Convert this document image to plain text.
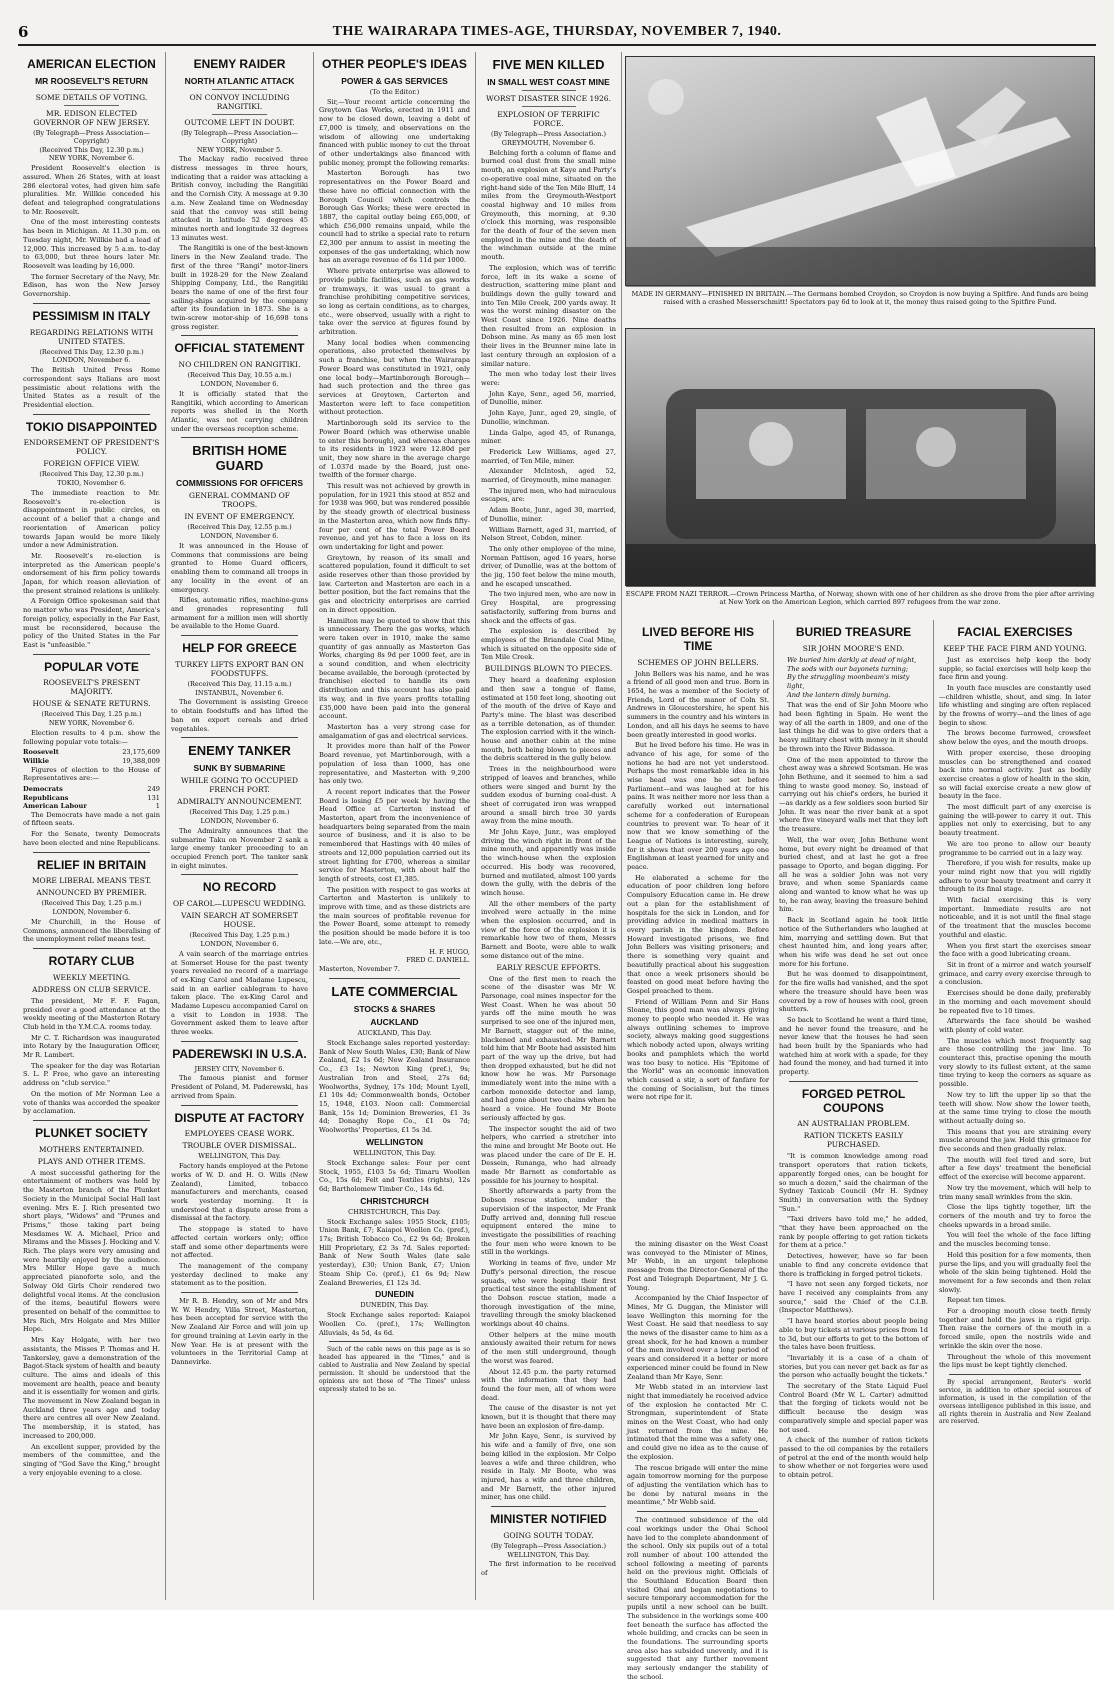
6	THE WAIRARAPA TIMES-AGE, THURSDAY, NOVEMBER 7, 1940.
AMERICAN ELECTION
MR ROOSEVELT'S RETURN
SOME DETAILS OF VOTING.
MR. EDISON ELECTED GOVERNOR OF NEW JERSEY.
(By Telegraph—Press Association—Copyright)
(Received This Day, 12.30 p.m.)
NEW YORK, November 6.

President Roosevelt's election is assured. When 26 States, with at least 286 electoral votes, had given him safe pluralities. Mr. Willkie conceded his defeat and telegraphed congratulations to Mr. Roosevelt.

One of the most interesting contests has been in Michigan. At 11.30 p.m. on Tuesday night, Mr. Willkie had a lead of 12,000. This increased by 5 a.m. to-day to 63,000, but three hours later Mr. Roosevelt was leading by 16,000.

The former Secretary of the Navy, Mr. Edison, has won the New Jersey Governorship.

PESSIMISM IN ITALY
REGARDING RELATIONS WITH UNITED STATES.
(Received This Day, 12.30 p.m.)
LONDON, November 6.

The British United Press Rome correspondent says Italians are most pessimistic about relations with the United States as a result of the Presidential election.

TOKIO DISAPPOINTED
ENDORSEMENT OF PRESIDENT'S POLICY.
FOREIGN OFFICE VIEW.
(Received This Day, 12.30 p.m.)
TOKIO, November 6.

The immediate reaction to Mr. Roosevelt's re-election is disappointment in public circles, on account of a belief that a change and reorientation of American policy towards Japan would be more likely under a new Administration.

Mr. Roosevelt's re-election is interpreted as the American people's endorsement of his firm policy towards Japan, for which reason alleviation of the present strained relations is unlikely.

A Foreign Office spokesman said that no matter who was President, America's foreign policy, especially in the Far East, must be reconsidered, because the policy of the United States in the Far East is "unfeasible."

POPULAR VOTE
ROOSEVELT'S PRESENT MAJORITY.
HOUSE & SENATE RETURNS.
(Received This Day, 1.25 p.m.)
NEW YORK, November 6.

Election results to 4 p.m. show the following popular vote totals:—

Roosevelt	23,175,609
Willkie	19,388,009

Figures of election to the House of Representatives are:—

Democrats	249
Republicans	131
American Labour	1

The Democrats have made a net gain of fifteen seats.

For the Senate, twenty Democrats have been elected and nine Republicans.

RELIEF IN BRITAIN
MORE LIBERAL MEANS TEST.
ANNOUNCED BY PREMIER.
(Received This Day, 1.25 p.m.)
LONDON, November 6.

Mr Churchill, in the House of Commons, announced the liberalising of the unemployment relief means test.

ROTARY CLUB
WEEKLY MEETING.
ADDRESS ON CLUB SERVICE.

The president, Mr F. F. Fagan, presided over a good attendance at the weekly meeting of the Masterton Rotary Club held in the Y.M.C.A. rooms today.

Mr C. T. Richardson was inaugurated into Rotary by the Inauguration Officer, Mr R. Lambert.

The speaker for the day was Rotarian S. L. P. Free, who gave an interesting address on "club service."

On the motion of Mr Norman Lee a vote of thanks was accorded the speaker by acclamation.

PLUNKET SOCIETY
MOTHERS ENTERTAINED.
PLAYS AND OTHER ITEMS.

A most successful gathering for the entertainment of mothers was held by the Masterton branch of the Plunket Society in the Municipal Social Hall last evening. Mrs E. J. Rich presented two short plays, "Widows" and "Prunes and Prisms," those taking part being Mesdames W. A. Michael, Price and Mirams and the Misses J. Hocking and V. Rich. The plays were very amusing and were heartily enjoyed by the audience. Mrs Miller Hope gave a much appreciated pianoforte solo, and the Solway Old Girls Choir rendered two delightful vocal items. At the conclusion of the items, beautiful flowers were presented on behalf of the committee to Mrs Rich, Mrs Holgate and Mrs Miller Hope.

Mrs Kay Holgate, with her two assistants, the Misses P. Thomas and H. Tankersley, gave a demonstration of the Bagot-Stack system of health and beauty culture. The aims and ideals of this movement are health, peace and beauty and it is essentially for women and girls. The movement in New Zealand began in Auckland three years ago and today there are centres all over New Zealand. The membership, it is stated, has increased to 200,000.

An excellent supper, provided by the members of the committee, and the singing of "God Save the King," brought a very enjoyable evening to a close.

ENEMY RAIDER
NORTH ATLANTIC ATTACK
ON CONVOY INCLUDING RANGITIKI.
OUTCOME LEFT IN DOUBT.
(By Telegraph—Press Association—Copyright)
NEW YORK, November 5.

The Mackay radio received three distress messages in three hours, indicating that a raider was attacking a British convoy, including the Rangitiki and the Cornish City. A message at 9.30 a.m. New Zealand time on Wednesday said that the convoy was still being attacked in latitude 52 degrees 45 minutes north and longitude 32 degrees 13 minutes west.

The Rangitiki is one of the best-known liners in the New Zealand trade. The first of the three "Rangi" motor-liners built in 1928-29 for the New Zealand Shipping Company, Ltd., the Rangitiki bears the name of one of the first four sailing-ships acquired by the company after its foundation in 1873. She is a twin-screw motor-ship of 16,698 tons gross register.

OFFICIAL STATEMENT
NO CHILDREN ON RANGITIKI.
(Received This Day, 10.55 a.m.)
LONDON, November 6.

It is officially stated that the Rangitiki, which according to American reports was shelled in the North Atlantic, was not carrying children under the overseas reception scheme.

BRITISH HOME GUARD
COMMISSIONS FOR OFFICERS
GENERAL COMMAND OF TROOPS.
IN EVENT OF EMERGENCY.
(Received This Day, 12.55 p.m.)
LONDON, November 6.

It was announced in the House of Commons that commissions are being granted to Home Guard officers, enabling them to command all troops in any locality in the event of an emergency.

Rifles, automatic rifles, machine-guns and grenades representing full armament for a million men will shortly be available to the Home Guard.

HELP FOR GREECE
TURKEY LIFTS EXPORT BAN ON FOODSTUFFS.
(Received This Day, 11.15 a.m.)
INSTANBUL, November 6.

The Government is assisting Greece to obtain foodstuffs and has lifted the ban on export cereals and dried vegetables.

ENEMY TANKER
SUNK BY SUBMARINE
WHILE GOING TO OCCUPIED FRENCH PORT.
ADMIRALTY ANNOUNCEMENT.
(Received This Day, 1.25 p.m.)
LONDON, November 6.

The Admiralty announces that the submarine Taku on November 2 sank a large enemy tanker proceeding to an occupied French port. The tanker sank in eight minutes.

NO RECORD
OF CAROL—LUPESCU WEDDING.
VAIN SEARCH AT SOMERSET HOUSE.
(Received This Day, 1.25 p.m.)
LONDON, November 6.

A vain search of the marriage entries at Somerset House for the past twenty years revealed no record of a marriage of ex-King Carol and Madame Lupescu, said in an earlier cablegram to have taken place. The ex-King Carol and Madame Lupescu accompanied Carol on a visit to London in 1938. The Government asked them to leave after three weeks.

PADEREWSKI IN U.S.A.
JERSEY CITY, November 6.

The famous pianist and former President of Poland, M. Paderewski, has arrived from Spain.

DISPUTE AT FACTORY
EMPLOYEES CEASE WORK.
TROUBLE OVER DISMISSAL.
WELLINGTON, This Day.

Factory hands employed at the Petone works of W. D. and H. O. Wills (New Zealand), Limited, tobacco manufacturers and merchants, ceased work yesterday morning. It is understood that a dispute arose from a dismissal at the factory.

The stoppage is stated to have affected certain workers only; office staff and some other departments were not affected.

The management of the company yesterday declined to make any statement as to the position.

Mr R. B. Hendry, son of Mr and Mrs W. W. Hendry, Villa Street, Masterton, has been accepted for service with the New Zealand Air Force and will join up for ground training at Levin early in the New Year. He is at present with the volunteers in the Territorial Camp at Dannevirke.

OTHER PEOPLE'S IDEAS
POWER & GAS SERVICES
(To the Editor.)

Sir,—Your recent article concerning the Greytown Gas Works, erected in 1911 and now to be closed down, leaving a debt of £7,000 is timely, and observations on the wisdom of allowing one undertaking financed with public money to cut the throat of other undertakings also financed with public money, prompt the following remarks:

Masterton Borough has two representatives on the Power Board and these have no official connection with the Borough Council which controls the Borough Gas Works; these were erected in 1887, the capital outlay being £65,000, of which £56,000 remains unpaid, while the council had to strike a special rate to return £2,300 per annum to assist in meeting the expenses of the gas undertaking, which now has an average revenue of 6s 11d per 1000.

Where private enterprise was allowed to provide public facilities, such as gas works or tramways, it was usual to grant a franchise prohibiting competitive services, so long as certain conditions, as to charges, etc., were observed, usually with a right to take over the service at figures found by arbitration.

Many local bodies when commencing operations, also protected themselves by such a franchise, but when the Wairarapa Power Board was constituted in 1921, only one local body—Martinborough Borough—had such protection and the three gas services at Greytown, Carterton and Masterton were left to face competition without protection.

Martinborough sold its service to the Power Board (which was otherwise unable to enter this borough), and whereas charges to its residents in 1923 were 12.80d per unit, they now share in the average charge of 1.037d made by the Board, just one-twelfth of the former charge.

This result was not achieved by growth in population, for in 1921 this stood at 852 and for 1938 was 960, but was rendered possible by the steady growth of electrical business in the Masterton area, which now finds fifty-four per cent of the total Power Board revenue, and yet has to face a loss on its own undertaking for light and power.

Greytown, by reason of its small and scattered population, found it difficult to set aside reserves other than those provided by law. Carterton and Masterton are each in a better position, but the fact remains that the gas and electricity enterprises are carried on in direct opposition.

Hamilton may be quoted to show that this is unnecessary. There the gas works, which were taken over in 1910, make the same quantity of gas annually as Masterton Gas Works, charging 8s 9d per 1000 feet, are in a sound condition, and when electricity became available, the borough (protected by franchise) elected to handle its own distribution and this account has also paid its way, and in five years profits totalling £35,000 have been paid into the general account.

Masterton has a very strong case for amalgamation of gas and electrical services.

It provides more than half of the Power Board revenue, yet Martinborough, with a population of less than 1000, has one representative, and Masterton with 9,200 has only two.

A recent report indicates that the Power Board is losing £5 per week by having the Head Office at Carterton instead of Masterton, apart from the inconvenience of headquarters being separated from the main source of business, and it is also to be remembered that Hastings with 40 miles of streets and 12,000 population carried out its street lighting for £700, whereas a similar service for Masterton, with about half the length of streets, cost £1,385.

The position with respect to gas works at Carterton and Masterton is unlikely to improve with time, and as these districts are the main sources of profitable revenue for the Power Board, some attempt to remedy the position should be made before it is too late.—We are, etc.,

H. F. HUGO,
FRED C. DANIELL.
Masterton, November 7.
LATE COMMERCIAL
STOCKS & SHARES
AUCKLAND
AUCKLAND, This Day.

Stock Exchange sales reported yesterday: Bank of New South Wales, £30; Bank of New Zealand, £2 1s 6d; New Zealand Insurance Co., £3 1s; Newton King (pref.), 9s; Australian Iron and Steel, 27s 6d; Woolworths, Sydney, 17s 10d; Mount Lyell, £1 10s 4d; Commonwealth bonds, October 15, 1948, £103. Noon call: Commercial Bank, 15s 1d; Dominion Breweries, £1 3s 4d; Donaghy Rope Co., £1 0s 7d; Woolworths' Properties, £1 5s 3d.

WELLINGTON
WELLINGTON, This Day.

Stock Exchange sales: Four per cent Stock, 1955, £103 5s 6d; Timaru Woollen Co., 15s 6d; Felt and Textiles (rights), 12s 6d; Bartholomew Timber Co., 14s 6d.

CHRISTCHURCH
CHRISTCHURCH, This Day.

Stock Exchange sales: 1955 Stock, £105; Union Bank, £7; Kaiapoi Woollen Co. (pref.), 17s; British Tobacco Co., £2 9s 6d; Broken Hill Proprietary, £2 3s 7d. Sales reported: Bank of New South Wales (late sale yesterday), £30; Union Bank, £7; Union Steam Ship Co. (pref.), £1 6s 9d; New Zealand Breweries, £1 12s 3d.

DUNEDIN
DUNEDIN, This Day.

Stock Exchange sales reported: Kaiapoi Woollen Co. (pref.), 17s; Wellington Alluvials, 4s 5d, 4s 6d.

Such of the cable news on this page as is so headed has appeared in the "Times," and is cabled to Australia and New Zealand by special permission. It should be understood that the opinions are not those of "The Times" unless expressly stated to be so.

FIVE MEN KILLED
IN SMALL WEST COAST MINE
WORST DISASTER SINCE 1926.
EXPLOSION OF TERRIFIC FORCE.
(By Telegraph—Press Association.)
GREYMOUTH, November 6.

Belching forth a column of flame and burned coal dust from the small mine mouth, an explosion at Kaye and Party's co-operative coal mine, situated on the right-hand side of the Ten Mile Bluff, 14 miles from the Greymouth-Westport coastal highway and 10 miles from Greymouth, this morning, at 9.30 o'clock this morning, was responsible for the death of four of the seven men employed in the mine and the death of the winchman outside at the mine mouth.

The explosion, which was of terrific force, left in its wake a scene of destruction, scattering mine plant and buildings down the gully toward and into Ten Mile Creek, 200 yards away. It was the worst mining disaster on the West Coast since 1926. Nine deaths then resulted from an explosion in Dobson mine. As many as 65 men lost their lives in the Brunner mine late in last century through an explosion of a similar nature.

The men who today lost their lives were:

John Kaye, Senr., aged 56, married, of Dunollie, miner.

John Kaye, Junr., aged 29, single, of Dunollie, winchman.

Linda Galpo, aged 45, of Runanga, miner.

Frederick Lew Williams, aged 27, married, of Ten Mile, miner.

Alexander McIntosh, aged 52, married, of Greymouth, mine manager.

The injured men, who had miraculous escapes, are:

Adam Boote, Junr., aged 30, married, of Dunollie, miner.

William Barnett, aged 31, married, of Nelson Street, Cobden, miner.

The only other employee of the mine, Norman Pattison, aged 16 years, horse driver, of Dunollie, was at the bottom of the jig, 150 feet below the mine mouth, and he escaped unscathed.

The two injured men, who are now in Grey Hospital, are progressing satisfactorily, suffering from burns and shock and the effects of gas.

The explosion is described by employees of the Briandale Coal Mine, which is situated on the opposite side of Ten Mile Creek.

BUILDINGS BLOWN TO PIECES.

They heard a deafening explosion and then saw a tongue of flame, estimated at 150 feet long, shooting out of the mouth of the drive of Kaye and Party's mine. The blast was described as a terrible detonation, as of thunder. The explosion carried with it the winch-house and another cabin at the mine mouth, both being blown to pieces and the debris scattered in the gully below.

Trees in the neighbourhood were stripped of leaves and branches, while others were singed and burnt by the sudden exodus of burning coal-dust. A sheet of corrugated iron was wrapped around a small birch tree 30 yards away from the mine mouth.

Mr John Kaye, Junr., was employed driving the winch right in front of the mine mouth, and apparently was inside the winch-house when the explosion occurred. His body was recovered, burned and mutilated, almost 100 yards down the gully, with the debris of the winch house.

All the other members of the party involved were actually in the mine when the explosion occurred, and in view of the force of the explosion it is remarkable how two of them, Messrs Barnett and Boote, were able to walk some distance out of the mine.

EARLY RESCUE EFFORTS.

One of the first men to reach the scene of the disaster was Mr W. Parsonage, coal mines inspector for the West Coast. When he was about 50 yards off the mine mouth he was surprised to see one of the injured men, Mr Barnett, stagger out of the mine, blackened and exhausted. Mr Barnett told him that Mr Boote had assisted him part of the way up the drive, but had then dropped exhausted, but he did not know how he was. Mr Parsonage immediately went into the mine with a carbon monoxide detector and lamp, and had gone about two chains when he heard a voice. He found Mr Boote seriously affected by gas.

The inspector sought the aid of two helpers, who carried a stretcher into the mine and brought Mr Boote out. He was placed under the care of Dr E. H. Dessein, Runanga, who had already made Mr Barnett as comfortable as possible for his journey to hospital.

Shortly afterwards a party from the Dobson rescue station, under the supervision of the inspector, Mr Frank Duffy arrived and, donning full rescue equipment entered the mine to investigate the possibilities of reaching the four men who were known to be still in the workings.

Working in teams of five, under Mr Duffy's personal direction, the rescue squads, who were hoping their first practical test since the establishment of the Dobson rescue station, made a thorough investigation of the mine, travelling through the smoky blackened workings about 40 chains.

Other helpers at the mine mouth anxiously awaited their return for news of the men still underground, though the worst was feared.

About 12.45 p.m. the party returned with the information that they had found the four men, all of whom were dead.

The cause of the disaster is not yet known, but it is thought that there may have been an explosion of fire-damp.

Mr John Kaye, Senr., is survived by his wife and a family of five, one son being killed in the explosion. Mr Colpo leaves a wife and three children, who reside in Italy. Mr Boote, who was injured, has a wife and three children, and Mr Barnett, the other injured miner, has one child.

MINISTER NOTIFIED
GOING SOUTH TODAY.
(By Telegraph—Press Association.)
WELLINGTON, This Day.

The first information to be received of

MADE IN GERMANY—FINISHED IN BRITAIN.—The Germans bombed Croydon, so Croydon is now buying a Spitfire. And funds are being raised with a crashed Messerschmitt! Spectators pay 6d to look at it, the money thus raised going to the Spitfire Fund.
ESCAPE FROM NAZI TERROR.—Crown Princess Martha, of Norway, shown with one of her children as she drove from the pier after arriving at New York on the American Legion, which carried 897 refugees from the war zone.

the mining disaster on the West Coast was conveyed to the Minister of Mines, Mr Webb, in an urgent telephone message from the Director-General of the Post and Telegraph Department, Mr J. G. Young.

Accompanied by the Chief Inspector of Mines, Mr G. Duggan, the Minister will leave Wellington this morning for the West Coast. He said that needless to say the news of the disaster came to him as a great shock, for he had known a number of the men involved over a long period of years and considered it a better or more experienced miner could be found in New Zealand than Mr Kaye, Senr.

Mr Webb stated in an interview last night that immediately he received advice of the explosion he contacted Mr C. Strongman, superintendent of State mines on the West Coast, who had only just returned from the mine. He intimated that the mine was a safety one, and could give no idea as to the cause of the explosion.

The rescue brigade will enter the mine again tomorrow morning for the purpose of adjusting the ventilation which has to be done by natural means in the meantime," Mr Webb said.

The continued subsidence of the old coal workings under the Ohai School have led to the complete abandonment of the school. Only six pupils out of a total roll number of about 100 attended the school following a meeting of parents held on the previous night. Officials of the Southland Education Board then visited Ohai and began negotiations to secure temporary accommodation for the pupils until a new school can be built. The subsidence in the workings some 400 feet beneath the surface has affected the whole building, and cracks can be seen in the foundations. The surrounding sports area also has subsided unevenly, and it is suggested that any further movement may seriously endanger the stability of the school.

LIVED BEFORE HIS TIME
SCHEMES OF JOHN BELLERS.

John Bellers was his name, and he was a friend of all good men and true. Born in 1654, he was a member of the Society of Friends, Lord of the manor of Coln St. Andrews in Gloucestershire, he spent his summers in the country and his winters in London, and all his days he seems to have been greatly interested in good works.

But he lived before his time. He was in advance of his age, for some of the notions he had are not yet understood. Perhaps the most remarkable idea in his wise head was one he set before Parliament—and was laughed at for his pains. It was neither more nor less than a carefully worked out international scheme for a confederation of European countries to prevent war. To hear of it now that we know something of the League of Nations is interesting, surely, for it shows that over 200 years ago one Englishman at least yearned for unity and peace.

He elaborated a scheme for the education of poor children long before Compulsory Education came in. He drew out a plan for the establishment of hospitals for the sick in London, and for providing advice in medical matters in every parish in the kingdom. Before Howard investigated prisons, we find John Bellers was visiting prisoners; and there is something very quaint and beautifully practical about his suggestion that once a week prisoners should be feasted on good meat before having the Gospel preached to them.

Friend of William Penn and Sir Hans Sloane, this good man was always giving money to people who needed it. He was always outlining schemes to improve society, always making good suggestions which nobody acted upon, always writing books and pamphlets which the world was too busy to notice. His "Epitome of the World" was an economic innovation which caused a stir, a sort of fanfare for the coming of Socialism, but the times were not ripe for it.

BURIED TREASURE
SIR JOHN MOORE'S END.
We buried him darkly at dead of night,
The sods with our bayonets turning;
By the struggling moonbeam's misty light,
And the lantern dimly burning.

That was the end of Sir John Moore who had been fighting in Spain. He went the way of all the earth in 1809, and one of the last things he did was to give orders that a heavy military chest with money in it should be thrown into the River Bidassoa.

One of the men appointed to throw the chest away was a shrewd Scotsman. He was John Bethune, and it seemed to him a sad thing to waste good money. So, instead of carrying out his chief's orders, he buried it—as darkly as a few soldiers soon buried Sir John. It was near the river bank at a spot where five vineyard walls met that they left the treasure.

Well, the war over, John Bethune went home, but every night he dreamed of that buried chest, and at last he got a free passage to Oporto, and began digging. For all he was a soldier John was not very brave, and when some Spaniards came along and wanted to know what he was up to, he ran away, leaving the treasure behind him.

Back in Scotland again he took little notice of the Sutherlanders who laughed at him, marrying and settling down. But that chest haunted him, and long years after, when his wife was dead he set out once more for his fortune.

But he was doomed to disappointment, for the fire walls had vanished, and the spot where the treasure should have been was covered by a row of houses with cool, green shutters.

So back to Scotland he went a third time, and he never found the treasure, and he never knew that the houses he had seen had been built by the Spaniards who had watched him at work with a spade, for they had found the money, and had turned it into property.

FORGED PETROL COUPONS
AN AUSTRALIAN PROBLEM.
RATION TICKETS EASILY PURCHASED.

"It is common knowledge among road transport operators that ration tickets, apparently forged ones, can be bought for so much a dozen," said the chairman of the Sydney Taxicab Council (Mr H. Sydney Smith) in conversation with the Sydney "Sun."

"Taxi drivers have told me," he added, "that they have been approached on the rank by people offering to get ration tickets for them at a price."

Detectives, however, have so far been unable to find any concrete evidence that there is trafficking in forged petrol tickets.

"I have not seen any forged tickets, nor have I received any complaints from any source," said the Chief of the C.I.B. (Inspector Matthews).

"I have heard stories about people being able to buy tickets at various prices from 1d to 3d, but our efforts to get to the bottom of the tales have been fruitless.

"Invariably it is a case of a chain of stories, but you can never get back as far as the person who actually bought the tickets."

The secretary of the State Liquid Fuel Control Board (Mr W. L. Carter) admitted that the forging of tickets would not be difficult because the design was comparatively simple and special paper was not used.

A check of the number of ration tickets passed to the oil companies by the retailers of petrol at the end of the month would help to show whether or not forgeries were used to obtain petrol.

FACIAL EXERCISES
KEEP THE FACE FIRM AND YOUNG.

Just as exercises help keep the body supple, so facial exercises will help keep the face firm and young.

In youth face muscles are constantly used—children whistle, shout, and sing. In later life whistling and singing are often replaced by the frowns of worry—and the lines of age begin to show.

The brows become furrowed, crowsfeet show below the eyes, and the mouth droops.

With proper exercise, these drooping muscles can be strengthened and coaxed back into normal activity. Just as bodily exercise creates a glow of health in the skin, so will facial exercise create a new glow of beauty in the face.

The most difficult part of any exercise is gaining the will-power to carry it out. This applies not only to exercising, but to any beauty treatment.

We are too prone to allow our beauty programme to be carried out in a lazy way.

Therefore, if you wish for results, make up your mind right now that you will rigidly adhere to your beauty treatment and carry it through to its final stage.

With facial exercising this is very important. Immediate results are not noticeable, and it is not until the final stage of the treatment that the muscles become youthful and elastic.

When you first start the exercises smear the face with a good lubricating cream.

Sit in front of a mirror and watch yourself grimace, and carry every exercise through to a conclusion.

Exercises should be done daily, preferably in the morning and each movement should be repeated five to 10 times.

Afterwards the face should be washed with plenty of cold water.

The muscles which most frequently sag are those controlling the jaw line. To counteract this, practise opening the mouth very slowly to its fullest extent, at the same time trying to keep the corners as square as possible.

Now try to lift the upper lip so that the teeth will show. Now show the lower teeth, at the same time trying to close the mouth without actually doing so.

This means that you are straining every muscle around the jaw. Hold this grimace for five seconds and then gradually relax.

The mouth will feel tired and sore, but after a few days' treatment the beneficial effect of the exercise will become apparent.

Now try the movement, which will help to trim many small wrinkles from the skin.

Close the lips tightly together, lift the corners of the mouth and try to force the cheeks upwards in a broad smile.

You will feel the whole of the face lifting and the muscles becoming tense.

Hold this position for a few moments, then purse the lips, and you will gradually feel the whole of the skin being tightened. Hold the movement for a few seconds and then relax slowly.

Repeat ten times.

For a drooping mouth close teeth firmly together and hold the jaws in a rigid grip. Then raise the corners of the mouth in a forced smile, open the nostrils wide and wrinkle the skin over the nose.

Throughout the whole of this movement the lips must be kept tightly clenched.

By special arrangement, Reuter's world service, in addition to other special sources of information, is used in the compilation of the overseas intelligence published in this issue, and all rights therein in Australia and New Zealand are reserved.
